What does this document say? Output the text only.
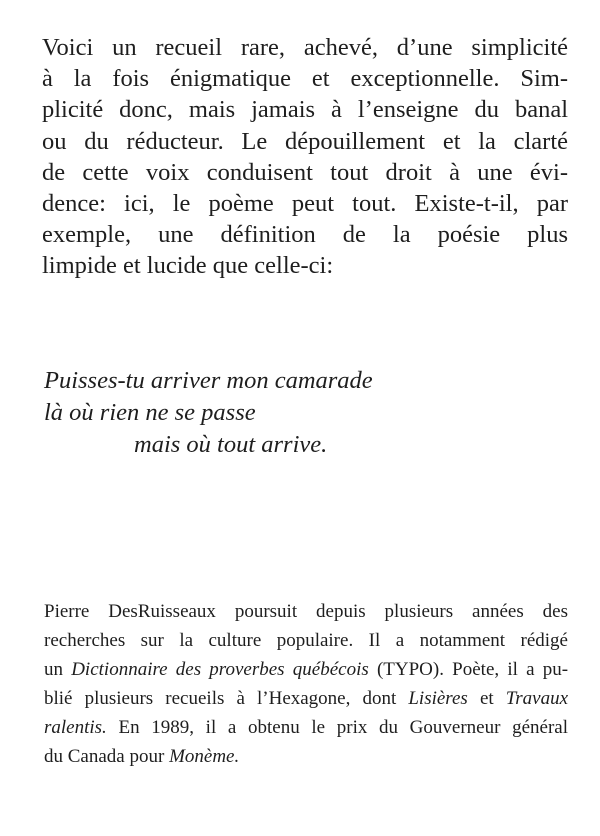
Voici un recueil rare, achevé, d’une simplicité
à la fois énigmatique et exceptionnelle. Sim-
plicité donc, mais jamais à l’enseigne du banal
ou du réducteur. Le dépouillement et la clarté
de cette voix conduisent tout droit à une évi-
dence: ici, le poème peut tout. Existe-t-il, par
exemple, une définition de la poésie plus
limpide et lucide que celle-ci:
Puisses-tu arriver mon camarade
là où rien ne se passe
mais où tout arrive.
Pierre DesRuisseaux poursuit depuis plusieurs années des
recherches sur la culture populaire. Il a notamment rédigé
un Dictionnaire des proverbes québécois (TYPO). Poète, il a pu-
blié plusieurs recueils à l’Hexagone, dont Lisières et Travaux
ralentis. En 1989, il a obtenu le prix du Gouverneur général
du Canada pour Monème.
